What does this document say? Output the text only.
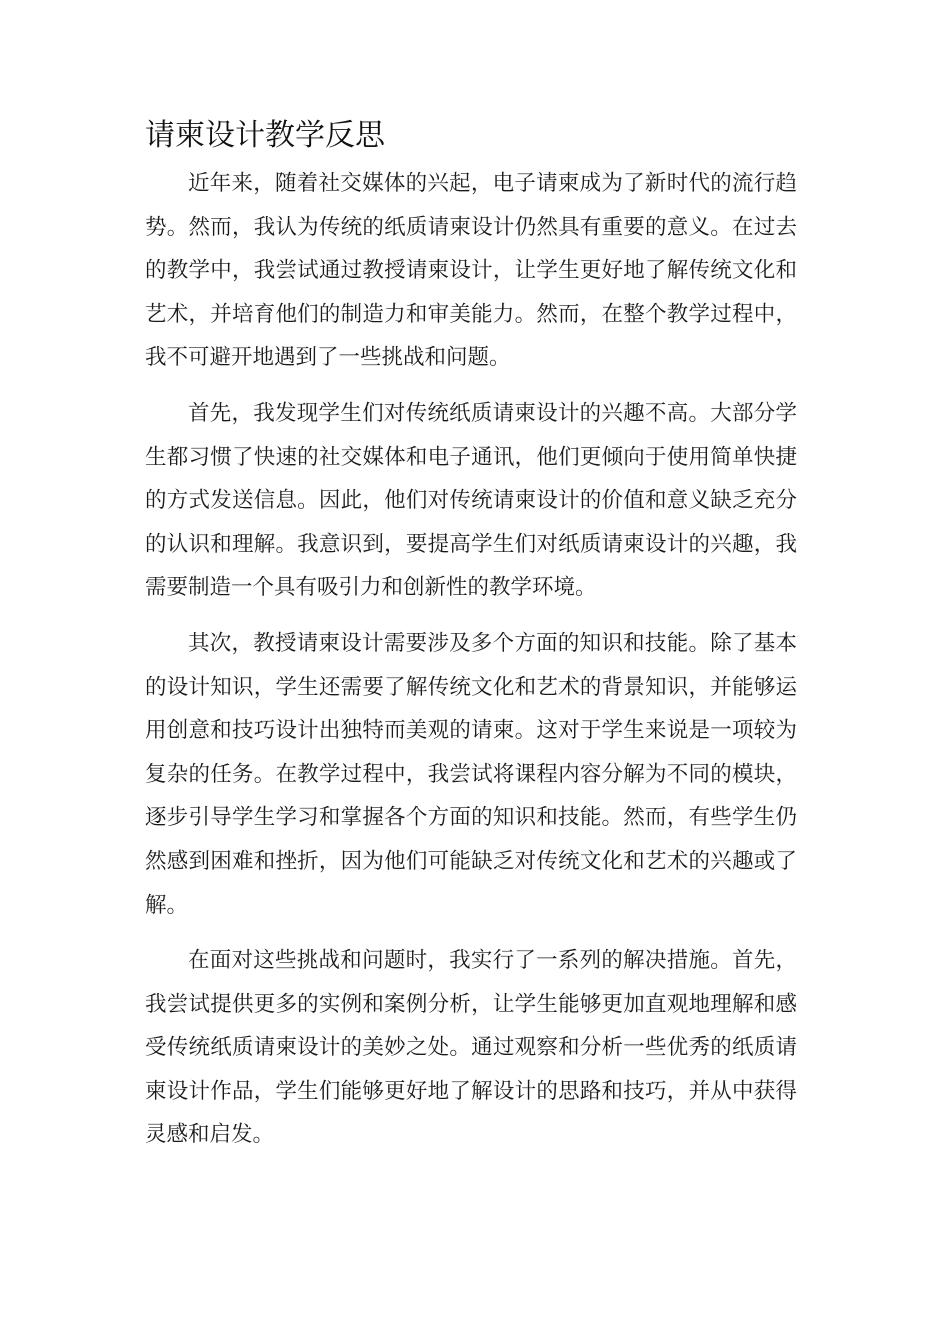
请柬设计教学反思

近年来，随着社交媒体的兴起，电子请柬成为了新时代的流行趋势。然而，我认为传统的纸质请柬设计仍然具有重要的意义。在过去的教学中，我尝试通过教授请柬设计，让学生更好地了解传统文化和艺术，并培育他们的制造力和审美能力。然而，在整个教学过程中，我不可避开地遇到了一些挑战和问题。

首先，我发现学生们对传统纸质请柬设计的兴趣不高。大部分学生都习惯了快速的社交媒体和电子通讯，他们更倾向于使用简单快捷的方式发送信息。因此，他们对传统请柬设计的价值和意义缺乏充分的认识和理解。我意识到，要提高学生们对纸质请柬设计的兴趣，我需要制造一个具有吸引力和创新性的教学环境。

其次，教授请柬设计需要涉及多个方面的知识和技能。除了基本的设计知识，学生还需要了解传统文化和艺术的背景知识，并能够运用创意和技巧设计出独特而美观的请柬。这对于学生来说是一项较为复杂的任务。在教学过程中，我尝试将课程内容分解为不同的模块，逐步引导学生学习和掌握各个方面的知识和技能。然而，有些学生仍然感到困难和挫折，因为他们可能缺乏对传统文化和艺术的兴趣或了解。

在面对这些挑战和问题时，我实行了一系列的解决措施。首先，我尝试提供更多的实例和案例分析，让学生能够更加直观地理解和感受传统纸质请柬设计的美妙之处。通过观察和分析一些优秀的纸质请柬设计作品，学生们能够更好地了解设计的思路和技巧，并从中获得灵感和启发。
